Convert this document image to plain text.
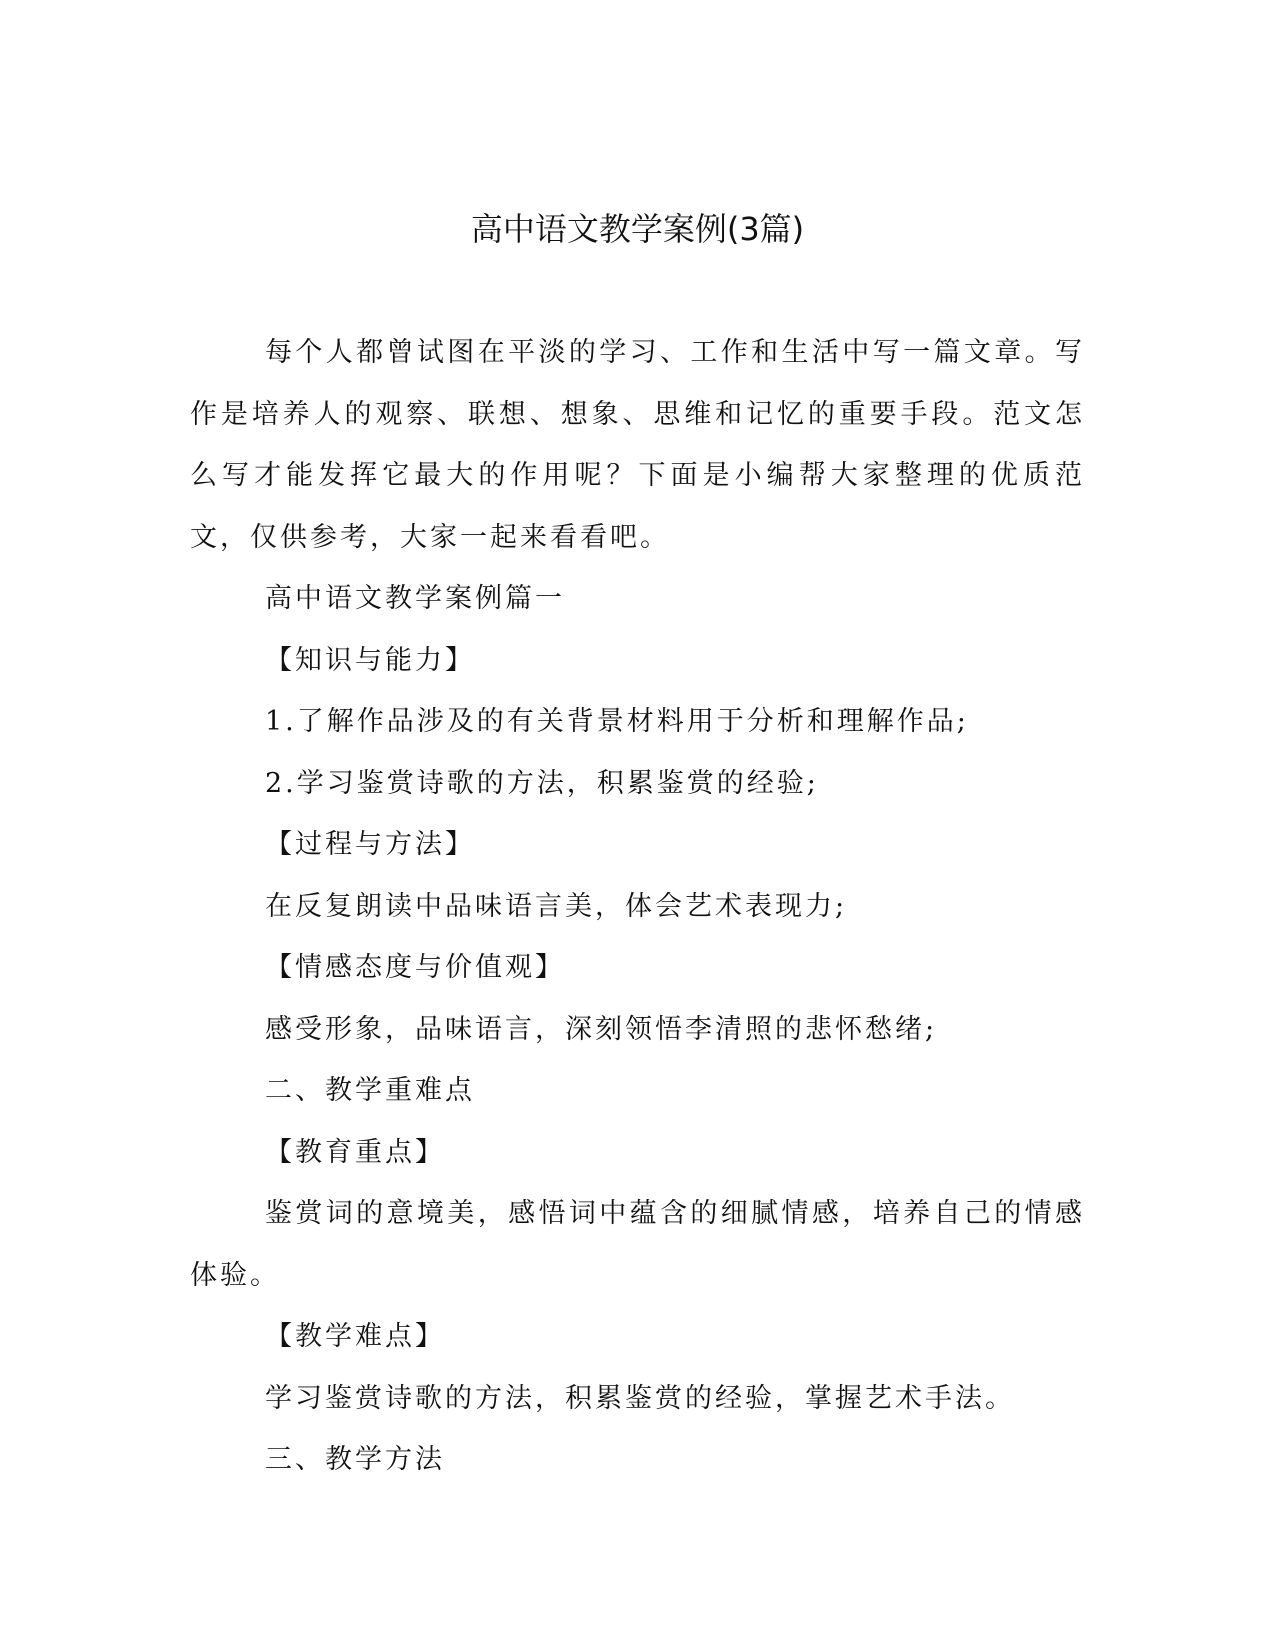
高中语文教学案例(3篇)

每个人都曾试图在平淡的学习、工作和生活中写一篇文章。写作是培养人的观察、联想、想象、思维和记忆的重要手段。范文怎么写才能发挥它最大的作用呢？下面是小编帮大家整理的优质范文，仅供参考，大家一起来看看吧。

高中语文教学案例篇一

【知识与能力】

1.了解作品涉及的有关背景材料用于分析和理解作品;

2.学习鉴赏诗歌的方法，积累鉴赏的经验;

【过程与方法】

在反复朗读中品味语言美，体会艺术表现力;

【情感态度与价值观】

感受形象，品味语言，深刻领悟李清照的悲怀愁绪;

二、教学重难点

【教育重点】

鉴赏词的意境美，感悟词中蕴含的细腻情感，培养自己的情感体验。

【教学难点】

学习鉴赏诗歌的方法，积累鉴赏的经验，掌握艺术手法。

三、教学方法
